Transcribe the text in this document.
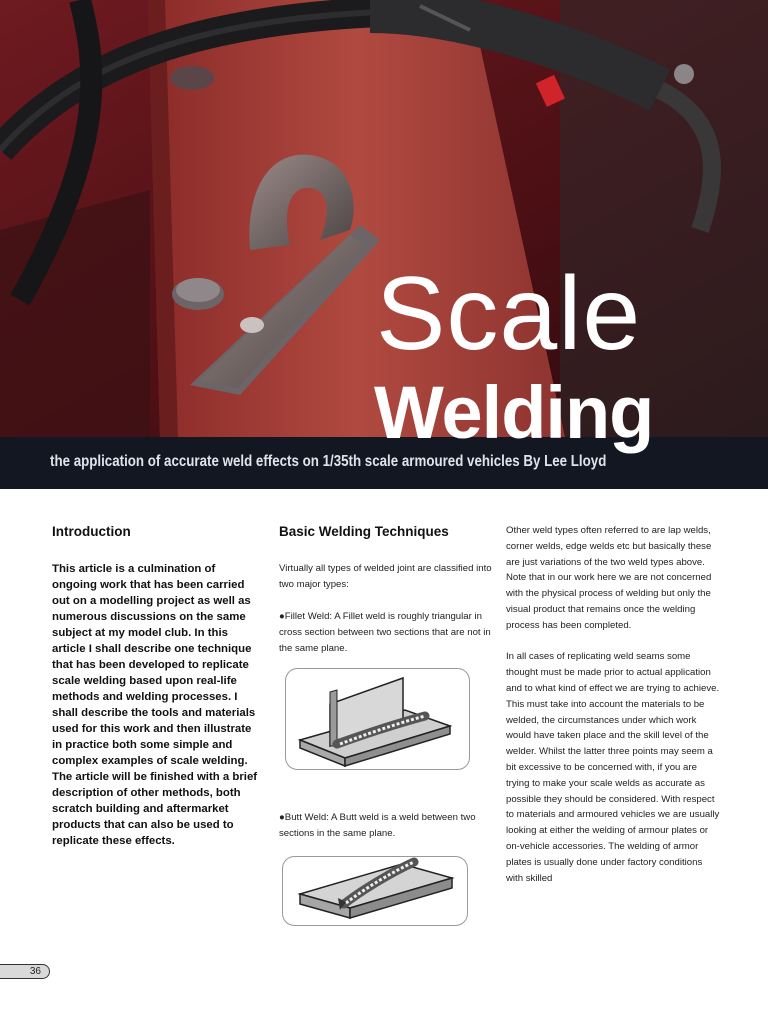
Scale
Welding
the application of accurate weld effects on 1/35th scale armoured vehicles By Lee Lloyd
Introduction

This article is a culmination of ongoing work that has been carried out on a modelling project as well as numerous discussions on the same subject at my model club. In this article I shall describe one technique that has been developed to replicate scale welding based upon real-life methods and welding processes. I shall describe the tools and materials used for this work and then illustrate in practice both some simple and complex examples of scale welding. The article will be finished with a brief description of other methods, both scratch building and aftermarket products that can also be used to replicate these effects.

Basic Welding Techniques

Virtually all types of welded joint are classified into two major types:

●Fillet Weld: A Fillet weld is roughly triangular in cross section between two sections that are not in the same plane.

●Butt Weld: A Butt weld is a weld between two sections in the same plane.

Other weld types often referred to are lap welds, corner welds, edge welds etc but basically these are just variations of the two weld types above. Note that in our work here we are not concerned with the physical process of welding but only the visual product that remains once the welding process has been completed.

In all cases of replicating weld seams some thought must be made prior to actual application and to what kind of effect we are trying to achieve. This must take into account the materials to be welded, the circumstances under which work would have taken place and the skill level of the welder. Whilst the latter three points may seem a bit excessive to be concerned with, if you are trying to make your scale welds as accurate as possible they should be considered. With respect to materials and armoured vehicles we are usually looking at either the welding of armour plates or on-vehicle accessories. The welding of armor plates is usually done under factory conditions with skilled

36
